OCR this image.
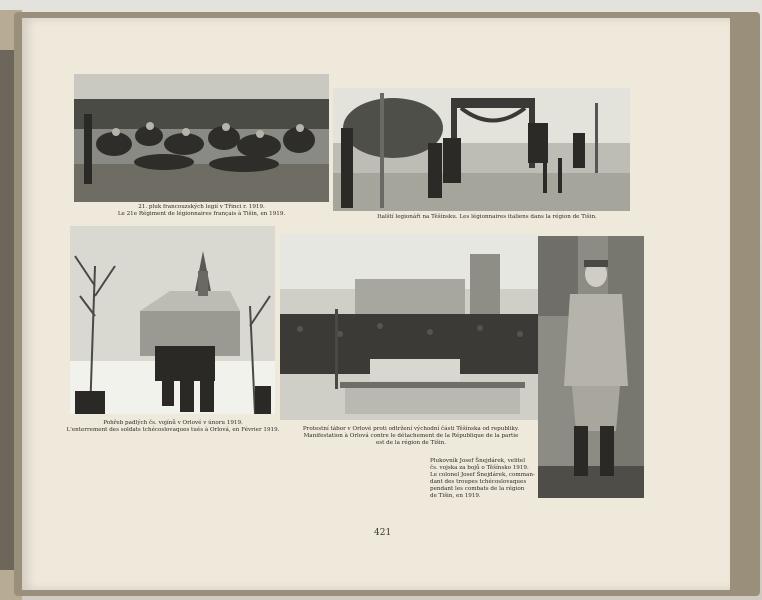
21. pluk francouzských legií v Třinci r. 1919.
Le 21e Régiment de légionnaires français à Tišin, en 1919.	Italští legionáři na Těšínsku. Les légionnaires italiens dans la région de Tišin.
Pohřeb padlých čs. vojínů v Orlové v únoru 1919.
L'enterrement des soldats tchécoslovaques tués à Orlová, en Février 1919.	Protestní tábor v Orlové proti odtržení východní části Těšínska od republiky.
Manifestation à Orlová contre le détachement de la République de la partie
est de la région de Tišin.
Plukovník Josef Šnejdárek, velitel
čs. vojska za bojů o Těšínsko 1919.
Le colonel Josef Šnejdárek, comman-
dant des troupes tchécoslovaques
pendant les combats de la région
de Tišin, en 1919.
421
